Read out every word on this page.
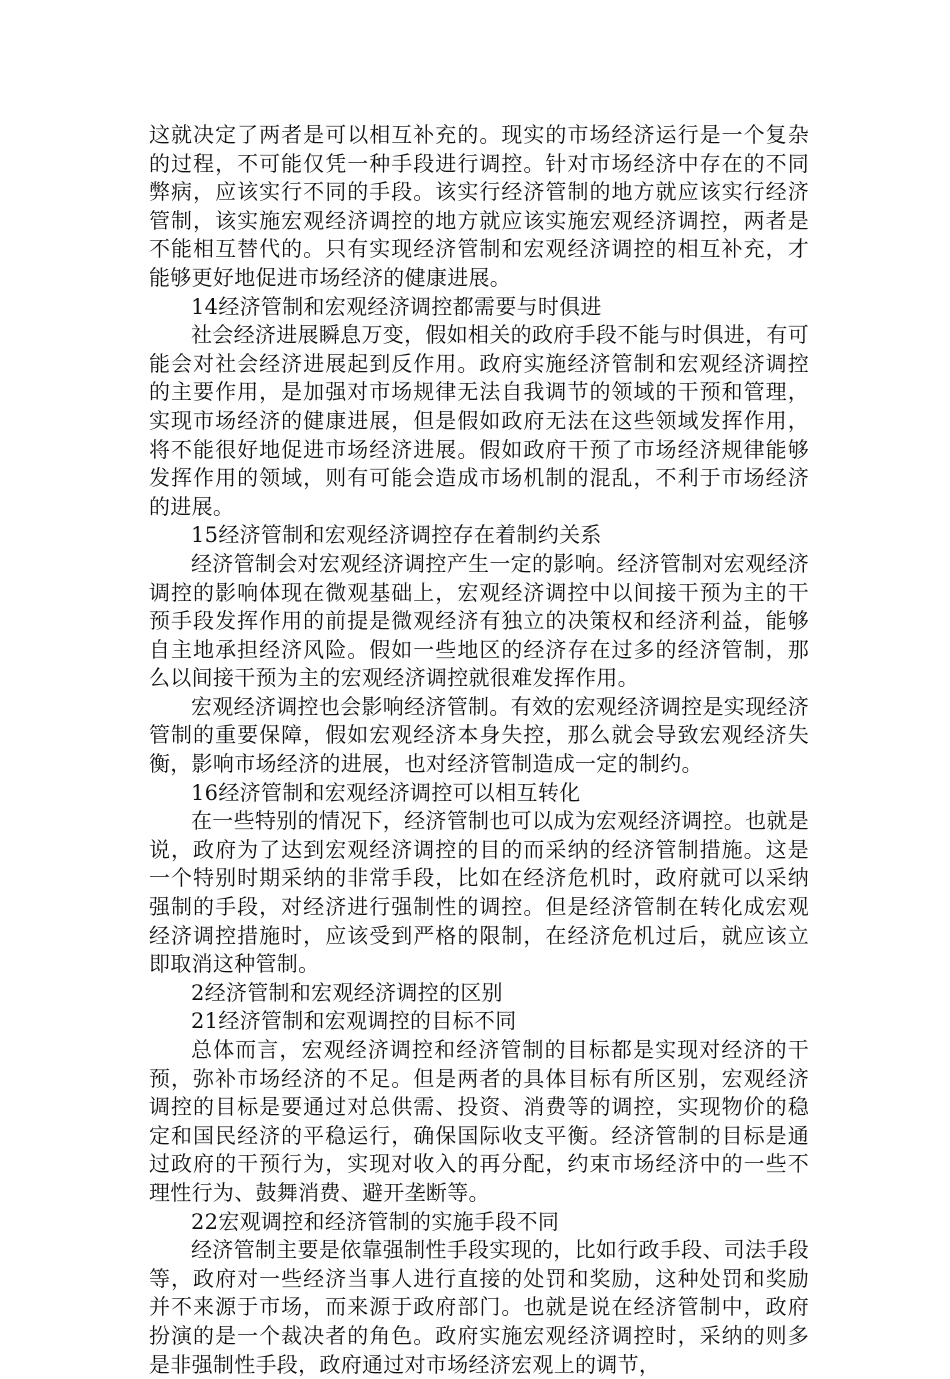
这就决定了两者是可以相互补充的。现实的市场经济运行是一个复杂的过程，不可能仅凭一种手段进行调控。针对市场经济中存在的不同弊病，应该实行不同的手段。该实行经济管制的地方就应该实行经济管制，该实施宏观经济调控的地方就应该实施宏观经济调控，两者是不能相互替代的。只有实现经济管制和宏观经济调控的相互补充，才能够更好地促进市场经济的健康进展。

14经济管制和宏观经济调控都需要与时俱进

社会经济进展瞬息万变，假如相关的政府手段不能与时俱进，有可能会对社会经济进展起到反作用。政府实施经济管制和宏观经济调控的主要作用，是加强对市场规律无法自我调节的领域的干预和管理，实现市场经济的健康进展，但是假如政府无法在这些领域发挥作用，将不能很好地促进市场经济进展。假如政府干预了市场经济规律能够发挥作用的领域，则有可能会造成市场机制的混乱，不利于市场经济的进展。

15经济管制和宏观经济调控存在着制约关系

经济管制会对宏观经济调控产生一定的影响。经济管制对宏观经济调控的影响体现在微观基础上，宏观经济调控中以间接干预为主的干预手段发挥作用的前提是微观经济有独立的决策权和经济利益，能够自主地承担经济风险。假如一些地区的经济存在过多的经济管制，那么以间接干预为主的宏观经济调控就很难发挥作用。

宏观经济调控也会影响经济管制。有效的宏观经济调控是实现经济管制的重要保障，假如宏观经济本身失控，那么就会导致宏观经济失衡，影响市场经济的进展，也对经济管制造成一定的制约。

16经济管制和宏观经济调控可以相互转化

在一些特别的情况下，经济管制也可以成为宏观经济调控。也就是说，政府为了达到宏观经济调控的目的而采纳的经济管制措施。这是一个特别时期采纳的非常手段，比如在经济危机时，政府就可以采纳强制的手段，对经济进行强制性的调控。但是经济管制在转化成宏观经济调控措施时，应该受到严格的限制，在经济危机过后，就应该立即取消这种管制。

2经济管制和宏观经济调控的区别

21经济管制和宏观调控的目标不同

总体而言，宏观经济调控和经济管制的目标都是实现对经济的干预，弥补市场经济的不足。但是两者的具体目标有所区别，宏观经济调控的目标是要通过对总供需、投资、消费等的调控，实现物价的稳定和国民经济的平稳运行，确保国际收支平衡。经济管制的目标是通过政府的干预行为，实现对收入的再分配，约束市场经济中的一些不理性行为、鼓舞消费、避开垄断等。

22宏观调控和经济管制的实施手段不同

经济管制主要是依靠强制性手段实现的，比如行政手段、司法手段等，政府对一些经济当事人进行直接的处罚和奖励，这种处罚和奖励并不来源于市场，而来源于政府部门。也就是说在经济管制中，政府扮演的是一个裁决者的角色。政府实施宏观经济调控时，采纳的则多是非强制性手段，政府通过对市场经济宏观上的调节，
